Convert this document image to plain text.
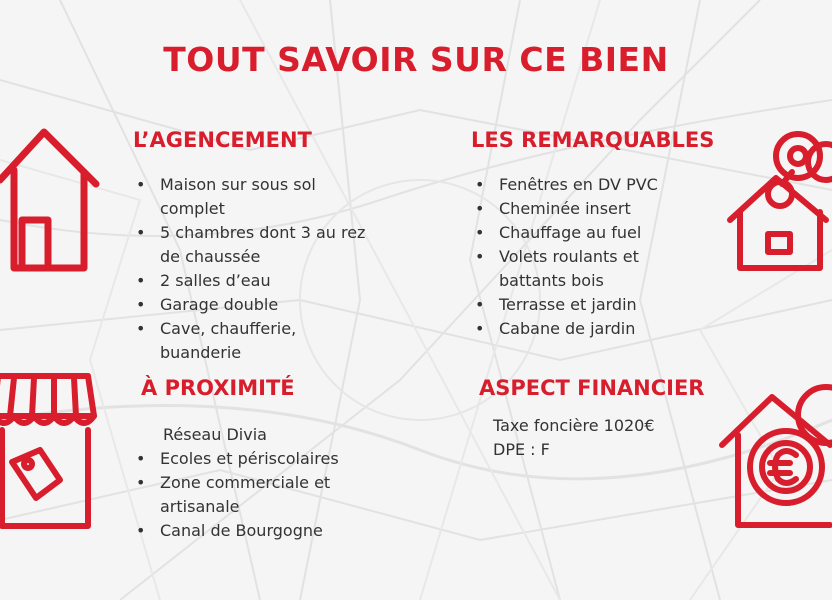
TOUT SAVOIR SUR CE BIEN
L’AGENCEMENT
• Maison sur sous sol complet
• 5 chambres dont 3 au rez de chaussée
• 2 salles d’eau
• Garage double
• Cave, chaufferie, buanderie
LES REMARQUABLES
• Fenêtres en DV PVC
• Cheminée insert
• Chauffage au fuel
• Volets roulants et battants bois
• Terrasse et jardin
• Cabane de jardin
À PROXIMITÉ
Réseau Divia
• Ecoles et périscolaires
• Zone commerciale et artisanale
• Canal de Bourgogne
ASPECT FINANCIER
Taxe foncière 1020€
DPE : F
